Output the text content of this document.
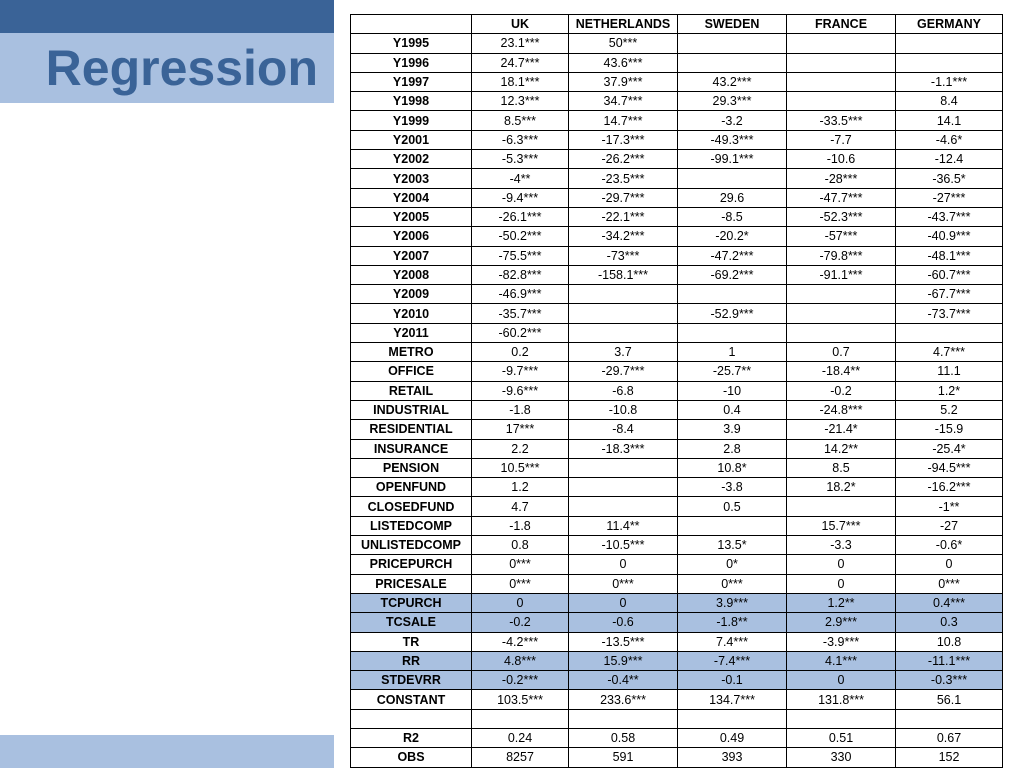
Regression
	UK	NETHERLANDS	SWEDEN	FRANCE	GERMANY
Y1995	23.1***	50***			
Y1996	24.7***	43.6***			
Y1997	18.1***	37.9***	43.2***		-1.1***
Y1998	12.3***	34.7***	29.3***		8.4
Y1999	8.5***	14.7***	-3.2	-33.5***	14.1
Y2001	-6.3***	-17.3***	-49.3***	-7.7	-4.6*
Y2002	-5.3***	-26.2***	-99.1***	-10.6	-12.4
Y2003	-4**	-23.5***		-28***	-36.5*
Y2004	-9.4***	-29.7***	29.6	-47.7***	-27***
Y2005	-26.1***	-22.1***	-8.5	-52.3***	-43.7***
Y2006	-50.2***	-34.2***	-20.2*	-57***	-40.9***
Y2007	-75.5***	-73***	-47.2***	-79.8***	-48.1***
Y2008	-82.8***	-158.1***	-69.2***	-91.1***	-60.7***
Y2009	-46.9***				-67.7***
Y2010	-35.7***		-52.9***		-73.7***
Y2011	-60.2***				
METRO	0.2	3.7	1	0.7	4.7***
OFFICE	-9.7***	-29.7***	-25.7**	-18.4**	11.1
RETAIL	-9.6***	-6.8	-10	-0.2	1.2*
INDUSTRIAL	-1.8	-10.8	0.4	-24.8***	5.2
RESIDENTIAL	17***	-8.4	3.9	-21.4*	-15.9
INSURANCE	2.2	-18.3***	2.8	14.2**	-25.4*
PENSION	10.5***		10.8*	8.5	-94.5***
OPENFUND	1.2		-3.8	18.2*	-16.2***
CLOSEDFUND	4.7		0.5		-1**
LISTEDCOMP	-1.8	11.4**		15.7***	-27
UNLISTEDCOMP	0.8	-10.5***	13.5*	-3.3	-0.6*
PRICEPURCH	0***	0	0*	0	0
PRICESALE	0***	0***	0***	0	0***
TCPURCH	0	0	3.9***	1.2**	0.4***
TCSALE	-0.2	-0.6	-1.8**	2.9***	0.3
TR	-4.2***	-13.5***	7.4***	-3.9***	10.8
RR	4.8***	15.9***	-7.4***	4.1***	-11.1***
STDEVRR	-0.2***	-0.4**	-0.1	0	-0.3***
CONSTANT	103.5***	233.6***	134.7***	131.8***	56.1

R2	0.24	0.58	0.49	0.51	0.67
OBS	8257	591	393	330	152
